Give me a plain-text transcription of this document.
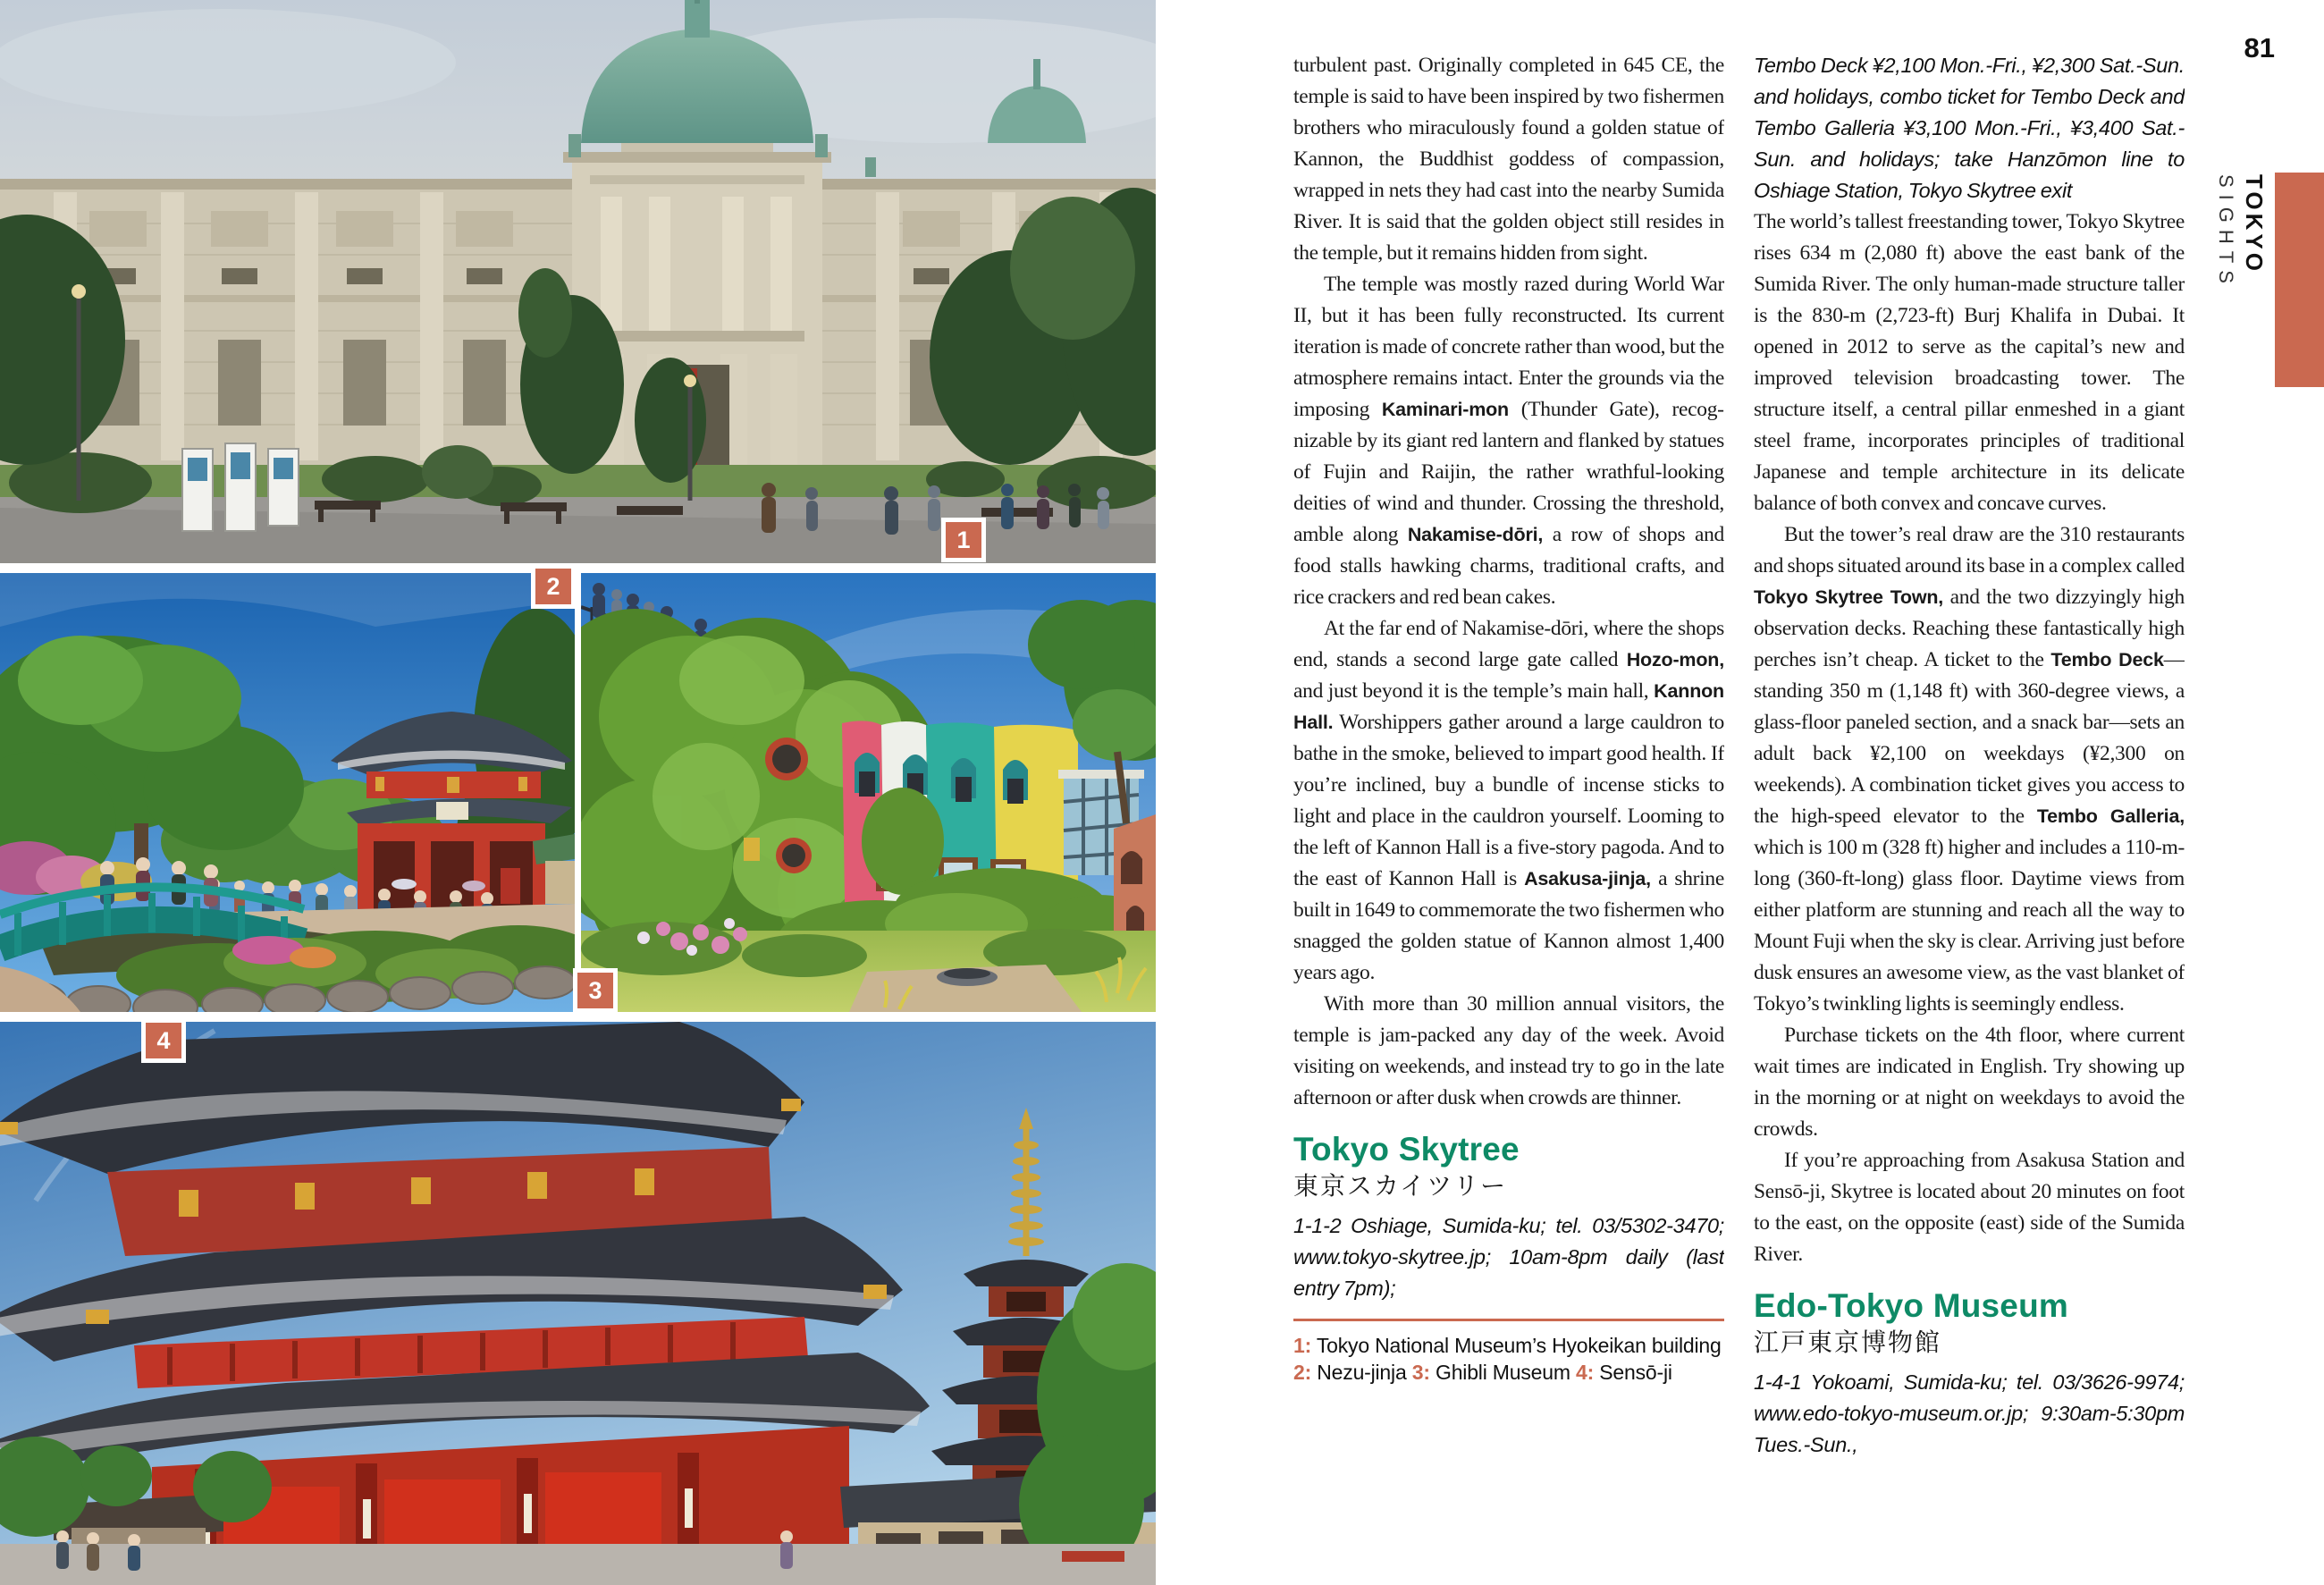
1
2
3
4

turbulent past. Originally completed in 645 CE, the temple is said to have been inspired by two fishermen brothers who miraculously found a golden statue of Kannon, the Buddhist goddess of compassion, wrapped in nets they had cast into the nearby Sumida River. It is said that the golden object still resides in the temple, but it remains hidden from sight.

The temple was mostly razed during World War II, but it has been fully reconstructed. Its current iteration is made of concrete rather than wood, but the atmosphere remains intact. Enter the grounds via the imposing Kaminari-mon (Thunder Gate), recognizable by its giant red lantern and flanked by statues of Fujin and Raijin, the rather wrathful-looking deities of wind and thunder. Crossing the threshold, amble along Nakamise-dōri, a row of shops and food stalls hawking charms, traditional crafts, and rice crackers and red bean cakes.

At the far end of Nakamise-dōri, where the shops end, stands a second large gate called Hozo-mon, and just beyond it is the temple’s main hall, Kannon Hall. Worshippers gather around a large cauldron to bathe in the smoke, believed to impart good health. If you’re inclined, buy a bundle of incense sticks to light and place in the cauldron yourself. Looming to the left of Kannon Hall is a five-story pagoda. And to the east of Kannon Hall is Asakusa-jinja, a shrine built in 1649 to commemorate the two fishermen who snagged the golden statue of Kannon almost 1,400 years ago.

With more than 30 million annual visitors, the temple is jam-packed any day of the week. Avoid visiting on weekends, and instead try to go in the late afternoon or after dusk when crowds are thinner.

Tokyo Skytree
東京スカイツリー

1-1-2 Oshiage, Sumida-ku; tel. 03/5302-3470; www.tokyo-skytree.jp; 10am-8pm daily (last entry 7pm);

1: Tokyo National Museum’s Hyokeikan building
2: Nezu-jinja 3: Ghibli Museum 4: Sensō-ji

Tembo Deck ¥2,100 Mon.-Fri., ¥2,300 Sat.-Sun. and holidays, combo ticket for Tembo Deck and Tembo Galleria ¥3,100 Mon.-Fri., ¥3,400 Sat.-Sun. and holidays; take Hanzōmon line to Oshiage Station, Tokyo Skytree exit

The world’s tallest freestanding tower, Tokyo Skytree rises 634 m (2,080 ft) above the east bank of the Sumida River. The only human-made structure taller is the 830-m (2,723-ft) Burj Khalifa in Dubai. It opened in 2012 to serve as the capital’s new and improved television broadcasting tower. The structure itself, a central pillar enmeshed in a giant steel frame, incorporates principles of traditional Japanese and temple architecture in its delicate balance of both convex and concave curves.

But the tower’s real draw are the 310 restaurants and shops situated around its base in a complex called Tokyo Skytree Town, and the two dizzyingly high observation decks. Reaching these fantastically high perches isn’t cheap. A ticket to the Tembo Deck—standing 350 m (1,148 ft) with 360-degree views, a glass-floor paneled section, and a snack bar—sets an adult back ¥2,100 on weekdays (¥2,300 on weekends). A combination ticket gives you access to the high-speed elevator to the Tembo Galleria, which is 100 m (328 ft) higher and includes a 110-m-long (360-ft-long) glass floor. Daytime views from either platform are stunning and reach all the way to Mount Fuji when the sky is clear. Arriving just before dusk ensures an awesome view, as the vast blanket of Tokyo’s twinkling lights is seemingly endless.

Purchase tickets on the 4th floor, where current wait times are indicated in English. Try showing up in the morning or at night on weekdays to avoid the crowds.

If you’re approaching from Asakusa Station and Sensō-ji, Skytree is located about 20 minutes on foot to the east, on the opposite (east) side of the Sumida River.

Edo-Tokyo Museum
江戸東京博物館

1-4-1 Yokoami, Sumida-ku; tel. 03/3626-9974; www.edo-tokyo-museum.or.jp; 9:30am-5:30pm Tues.-Sun.,

81
SIGHTS TOKYO
